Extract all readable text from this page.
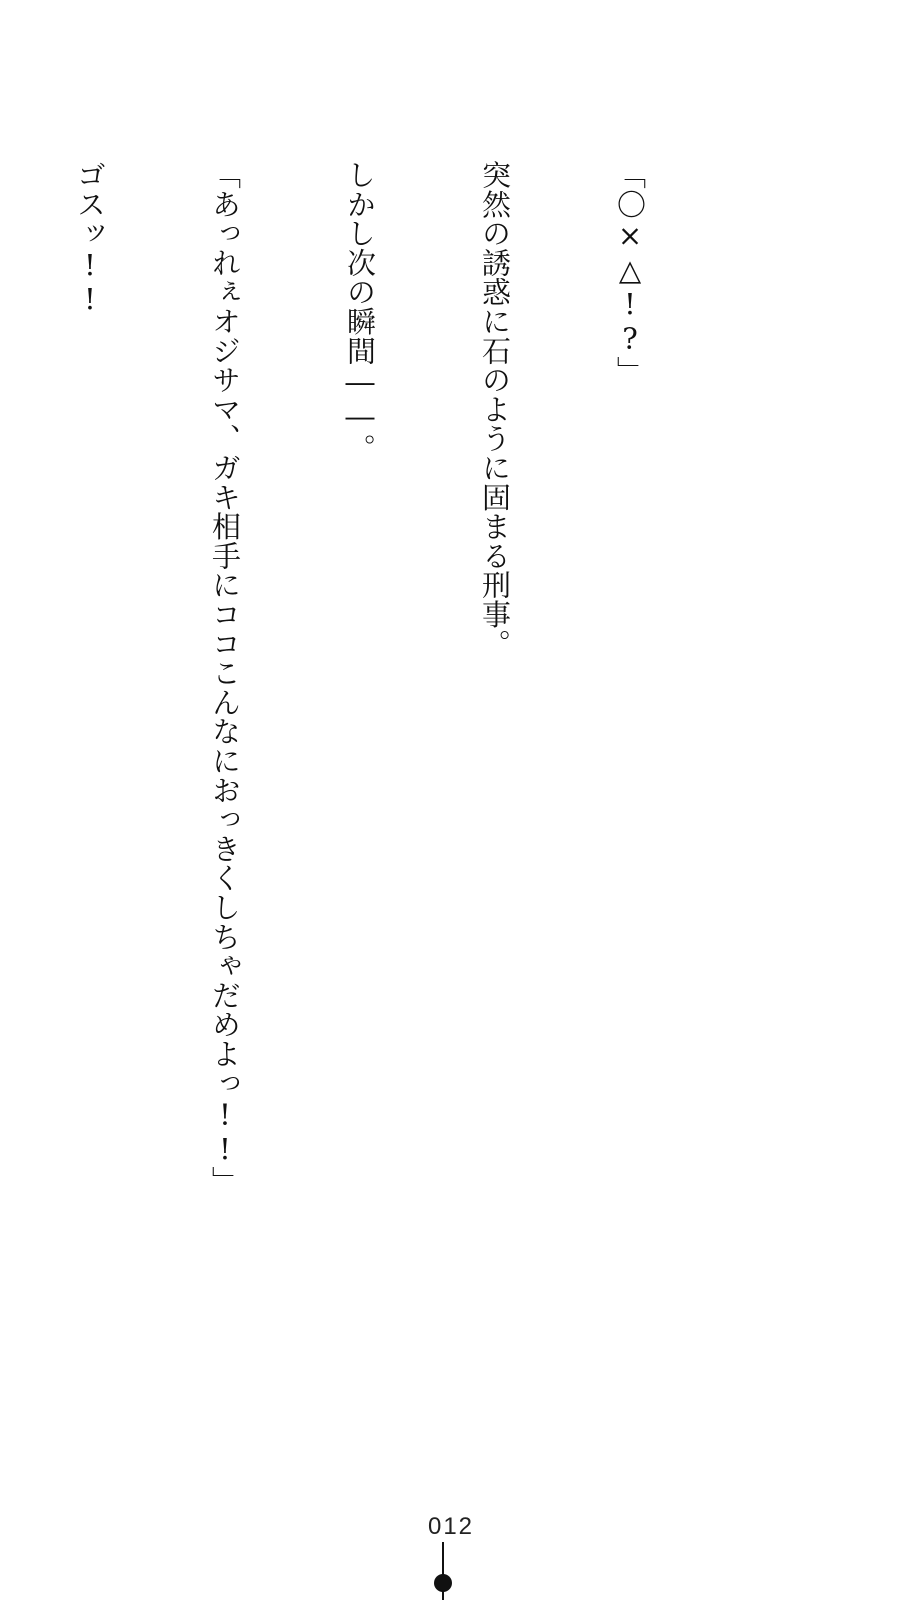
「〇×△!?」

突然の誘惑に石のように固まる刑事。

しかし次の瞬間――。

「あっれぇオジサマ、ガキ相手にココこんなにおっきくしちゃだめよっ!!」

ゴスッ!!

012
